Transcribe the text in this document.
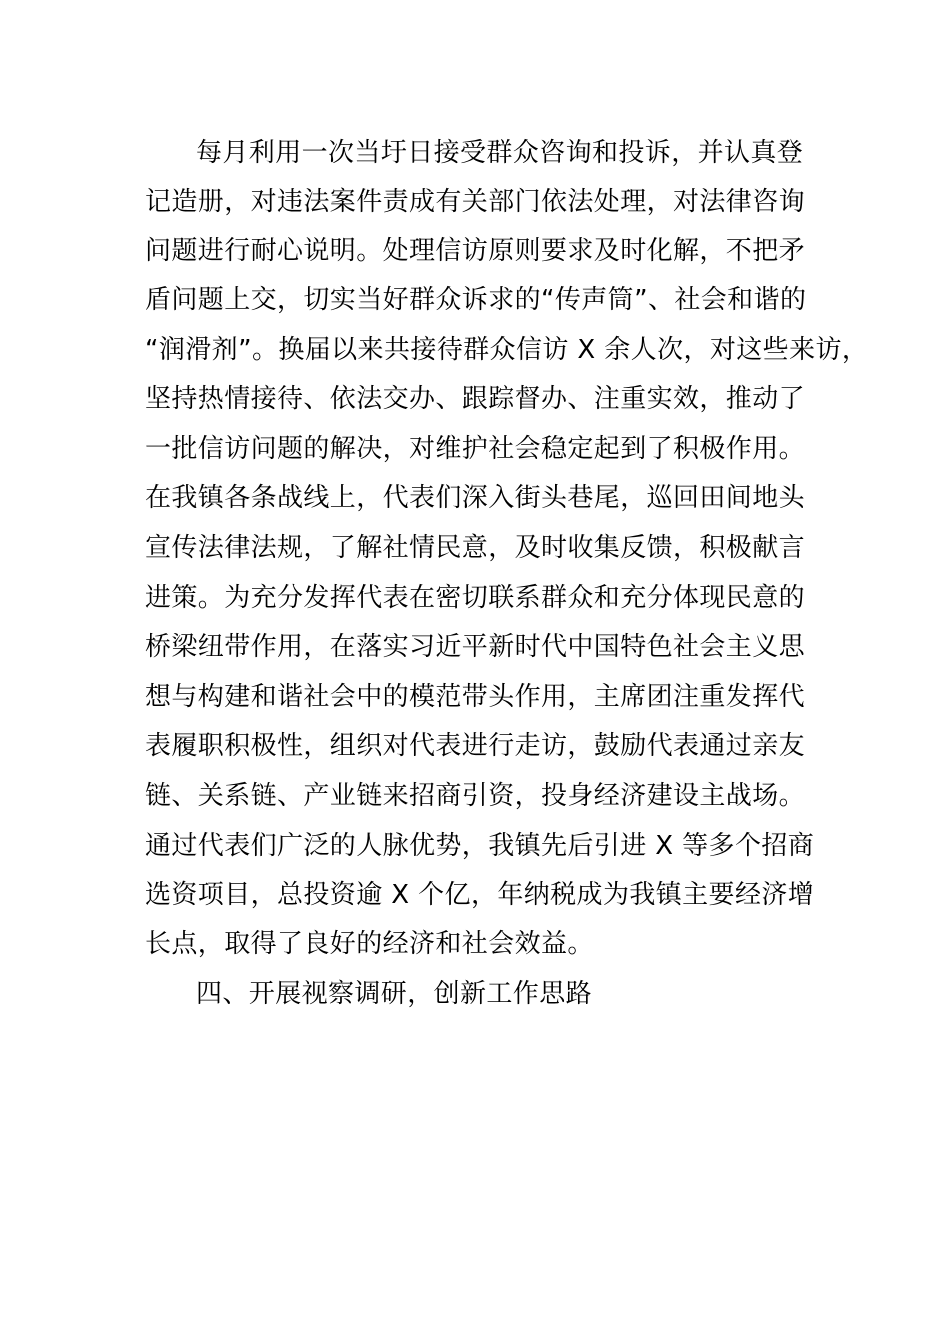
每月利用一次当圩日接受群众咨询和投诉，并认真登
记造册，对违法案件责成有关部门依法处理，对法律咨询
问题进行耐心说明。处理信访原则要求及时化解，不把矛
盾问题上交，切实当好群众诉求的“传声筒”、社会和谐的
“润滑剂”。换届以来共接待群众信访 X 余人次，对这些来访，
坚持热情接待、依法交办、跟踪督办、注重实效，推动了
一批信访问题的解决，对维护社会稳定起到了积极作用。
在我镇各条战线上，代表们深入街头巷尾，巡回田间地头
宣传法律法规，了解社情民意，及时收集反馈，积极献言
进策。为充分发挥代表在密切联系群众和充分体现民意的
桥梁纽带作用，在落实习近平新时代中国特色社会主义思
想与构建和谐社会中的模范带头作用，主席团注重发挥代
表履职积极性，组织对代表进行走访，鼓励代表通过亲友
链、关系链、产业链来招商引资，投身经济建设主战场。
通过代表们广泛的人脉优势，我镇先后引进 X 等多个招商
选资项目，总投资逾 X 个亿，年纳税成为我镇主要经济增
长点，取得了良好的经济和社会效益。
四、开展视察调研，创新工作思路
